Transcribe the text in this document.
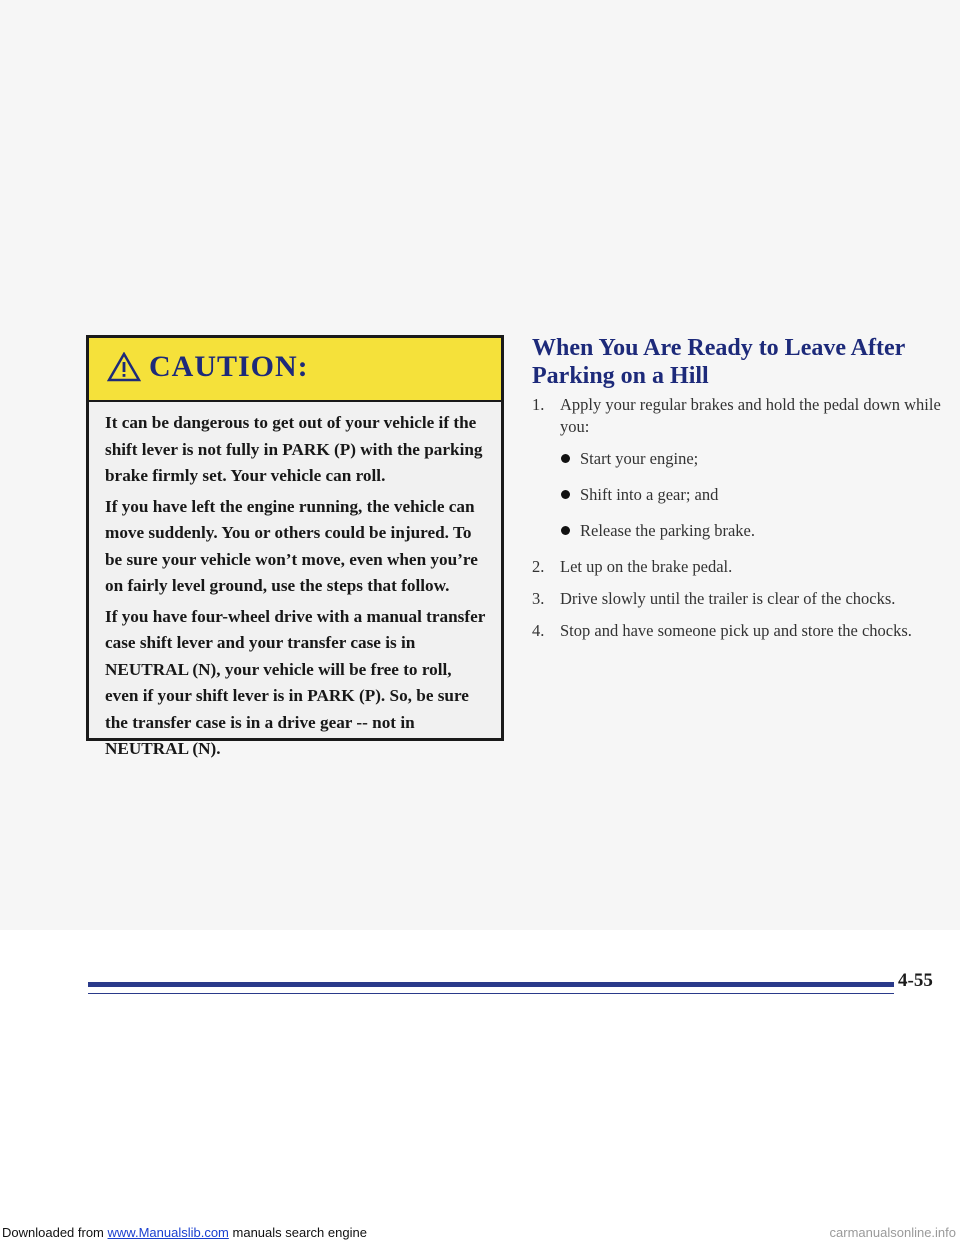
CAUTION:

It can be dangerous to get out of your vehicle if the shift lever is not fully in PARK (P) with the parking brake firmly set. Your vehicle can roll.

If you have left the engine running, the vehicle can move suddenly. You or others could be injured. To be sure your vehicle won’t move, even when you’re on fairly level ground, use the steps that follow.

If you have four-wheel drive with a manual transfer case shift lever and your transfer case is in NEUTRAL (N), your vehicle will be free to roll, even if your shift lever is in PARK (P). So, be sure the transfer case is in a drive gear -- not in NEUTRAL (N).

When You Are Ready to Leave After Parking on a Hill
1. Apply your regular brakes and hold the pedal down while you:
Start your engine;
Shift into a gear; and
Release the parking brake.
2. Let up on the brake pedal.
3. Drive slowly until the trailer is clear of the chocks.
4. Stop and have someone pick up and store the chocks.
4-55
Downloaded from www.Manualslib.com manuals search engine	carmanualsonline.info
